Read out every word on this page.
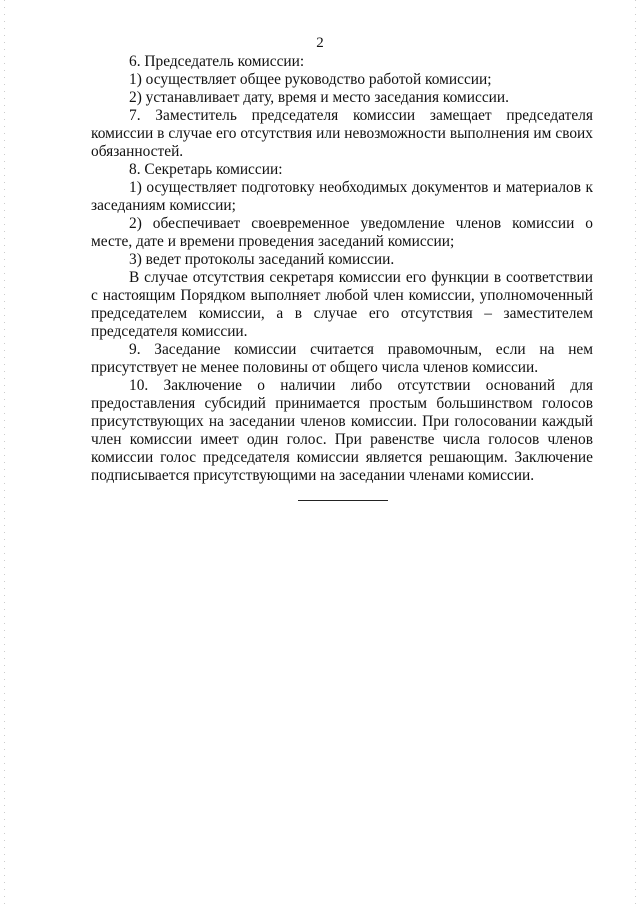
2

6. Председатель комиссии:

1) осуществляет общее руководство работой комиссии;

2) устанавливает дату, время и место заседания комиссии.

7. Заместитель председателя комиссии замещает председателя комиссии в случае его отсутствия или невозможности выполнения им своих обязанностей.

8. Секретарь комиссии:

1) осуществляет подготовку необходимых документов и материалов к заседаниям комиссии;

2) обеспечивает своевременное уведомление членов комиссии о месте, дате и времени проведения заседаний комиссии;

3) ведет протоколы заседаний комиссии.

В случае отсутствия секретаря комиссии его функции в соответствии с настоящим Порядком выполняет любой член комиссии, уполномоченный председателем комиссии, а в случае его отсутствия – заместителем председателя комиссии.

9. Заседание комиссии считается правомочным, если на нем присутствует не менее половины от общего числа членов комиссии.

10. Заключение о наличии либо отсутствии оснований для предоставления субсидий принимается простым большинством голосов присутствующих на заседании членов комиссии. При голосовании каждый член комиссии имеет один голос. При равенстве числа голосов членов комиссии голос председателя комиссии является решающим. Заключение подписывается присутствующими на заседании членами комиссии.
